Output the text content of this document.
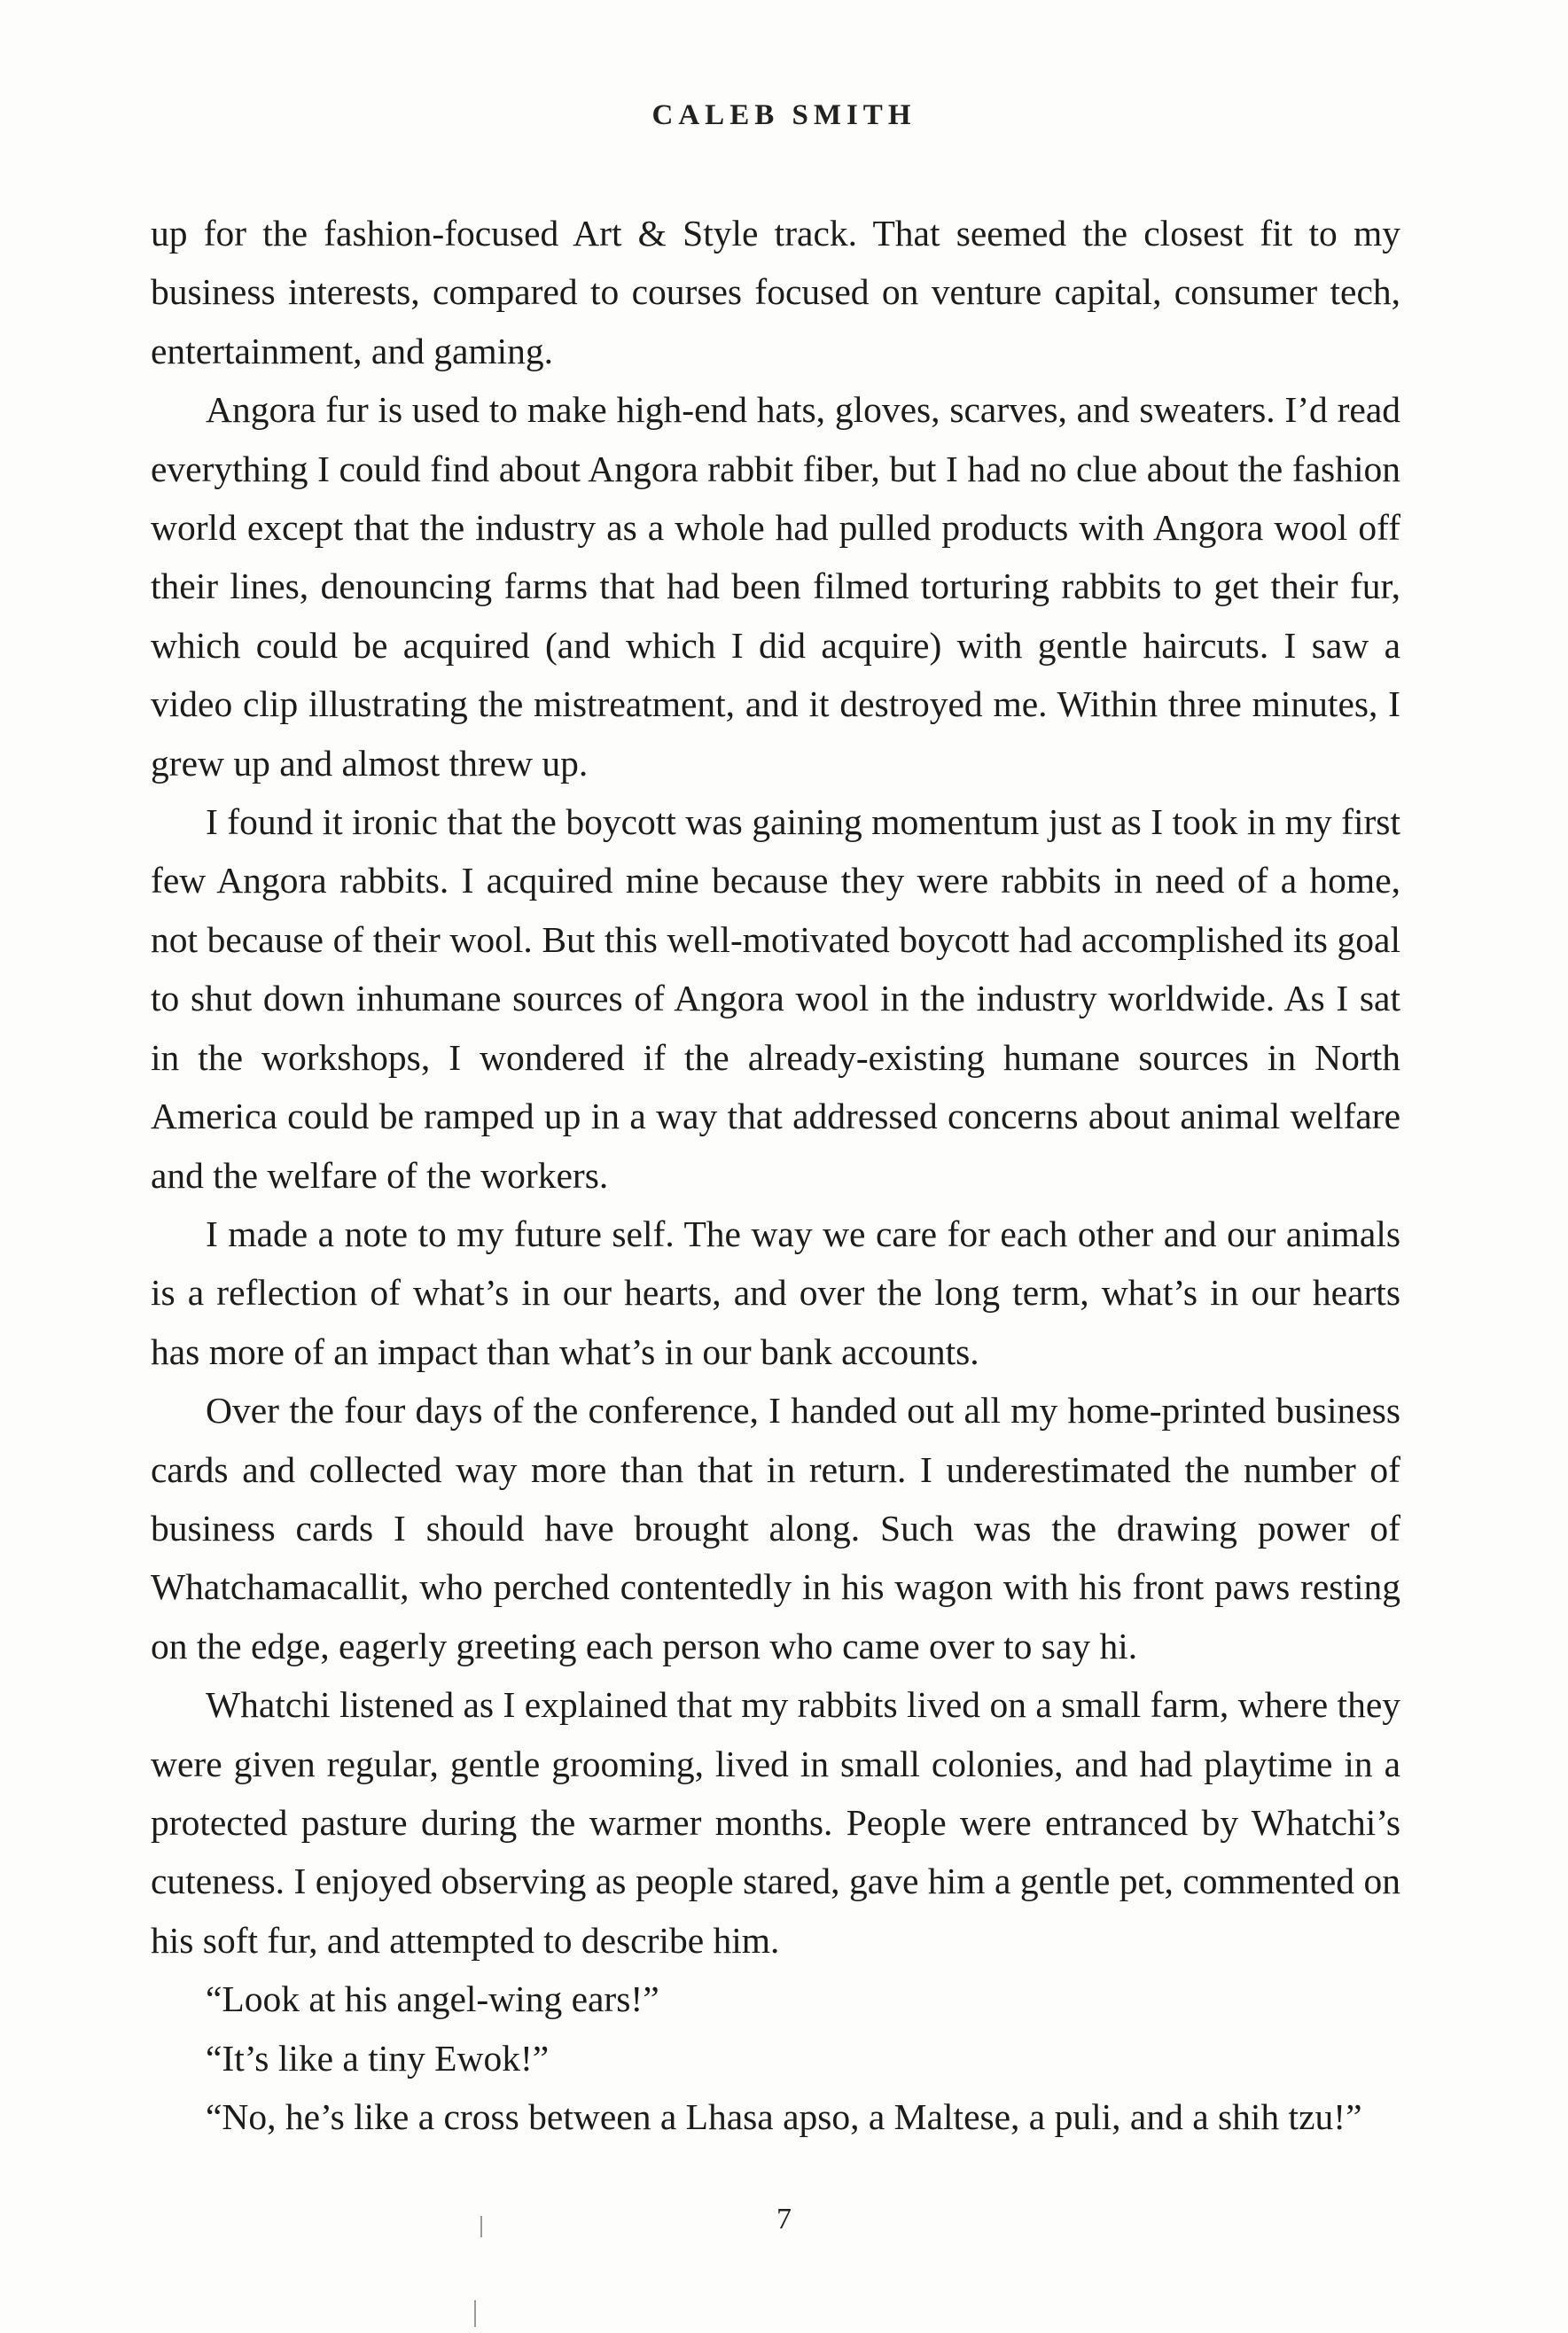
CALEB SMITH

up for the fashion-focused Art & Style track. That seemed the closest fit to my business interests, compared to courses focused on venture capital, consumer tech, entertainment, and gaming.

Angora fur is used to make high-end hats, gloves, scarves, and sweaters. I’d read everything I could find about Angora rabbit fiber, but I had no clue about the fashion world except that the industry as a whole had pulled products with Angora wool off their lines, denouncing farms that had been filmed torturing rabbits to get their fur, which could be acquired (and which I did acquire) with gentle haircuts. I saw a video clip illustrating the mistreatment, and it destroyed me. Within three minutes, I grew up and almost threw up.

I found it ironic that the boycott was gaining momentum just as I took in my first few Angora rabbits. I acquired mine because they were rabbits in need of a home, not because of their wool. But this well-motivated boycott had accomplished its goal to shut down inhumane sources of Angora wool in the industry worldwide. As I sat in the workshops, I wondered if the already-existing humane sources in North America could be ramped up in a way that addressed concerns about animal welfare and the welfare of the workers.

I made a note to my future self. The way we care for each other and our animals is a reflection of what’s in our hearts, and over the long term, what’s in our hearts has more of an impact than what’s in our bank accounts.

Over the four days of the conference, I handed out all my home-printed business cards and collected way more than that in return. I underestimated the number of business cards I should have brought along. Such was the drawing power of Whatchamacallit, who perched contentedly in his wagon with his front paws resting on the edge, eagerly greeting each person who came over to say hi.

Whatchi listened as I explained that my rabbits lived on a small farm, where they were given regular, gentle grooming, lived in small colonies, and had playtime in a protected pasture during the warmer months. People were entranced by Whatchi’s cuteness. I enjoyed observing as people stared, gave him a gentle pet, commented on his soft fur, and attempted to describe him.

“Look at his angel-wing ears!”

“It’s like a tiny Ewok!”

“No, he’s like a cross between a Lhasa apso, a Maltese, a puli, and a shih tzu!”

7
